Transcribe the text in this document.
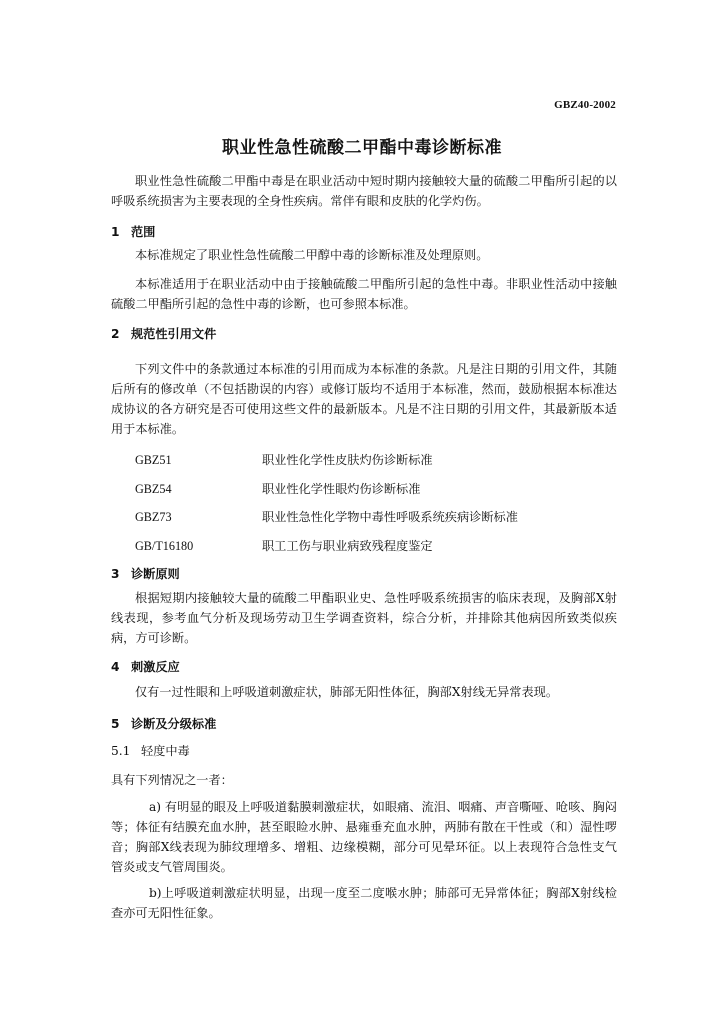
GBZ40-2002
职业性急性硫酸二甲酯中毒诊断标准

职业性急性硫酸二甲酯中毒是在职业活动中短时期内接触较大量的硫酸二甲酯所引起的以呼吸系统损害为主要表现的全身性疾病。常伴有眼和皮肤的化学灼伤。

1 范围

本标准规定了职业性急性硫酸二甲醇中毒的诊断标准及处理原则。

本标准适用于在职业活动中由于接触硫酸二甲酯所引起的急性中毒。非职业性活动中接触硫酸二甲酯所引起的急性中毒的诊断，也可参照本标准。

2 规范性引用文件

下列文件中的条款通过本标准的引用而成为本标准的条款。凡是注日期的引用文件，其随后所有的修改单（不包括勘误的内容）或修订版均不适用于本标准，然而，鼓励根据本标准达成协议的各方研究是否可使用这些文件的最新版本。凡是不注日期的引用文件，其最新版本适用于本标准。

GBZ51	职业性化学性皮肤灼伤诊断标准
GBZ54	职业性化学性眼灼伤诊断标准
GBZ73	职业性急性化学物中毒性呼吸系统疾病诊断标准
GB/T16180	职工工伤与职业病致残程度鉴定
3 诊断原则

根据短期内接触较大量的硫酸二甲酯职业史、急性呼吸系统损害的临床表现，及胸部X射线表现，参考血气分析及现场劳动卫生学调查资料，综合分析，并排除其他病因所致类似疾病，方可诊断。

4 刺激反应

仅有一过性眼和上呼吸道刺激症状，肺部无阳性体征，胸部X射线无异常表现。

5 诊断及分级标准
5.1 轻度中毒

具有下列情况之一者：

a) 有明显的眼及上呼吸道黏膜刺激症状，如眼痛、流泪、咽痛、声音嘶哑、呛咳、胸闷等；体征有结膜充血水肿，甚至眼睑水肿、悬雍垂充血水肿，两肺有散在干性或（和）湿性啰音；胸部X线表现为肺纹理增多、增粗、边缘模糊，部分可见晕环征。以上表现符合急性支气管炎或支气管周围炎。

b)上呼吸道刺激症状明显，出现一度至二度喉水肿；肺部可无异常体征；胸部X射线检查亦可无阳性征象。
